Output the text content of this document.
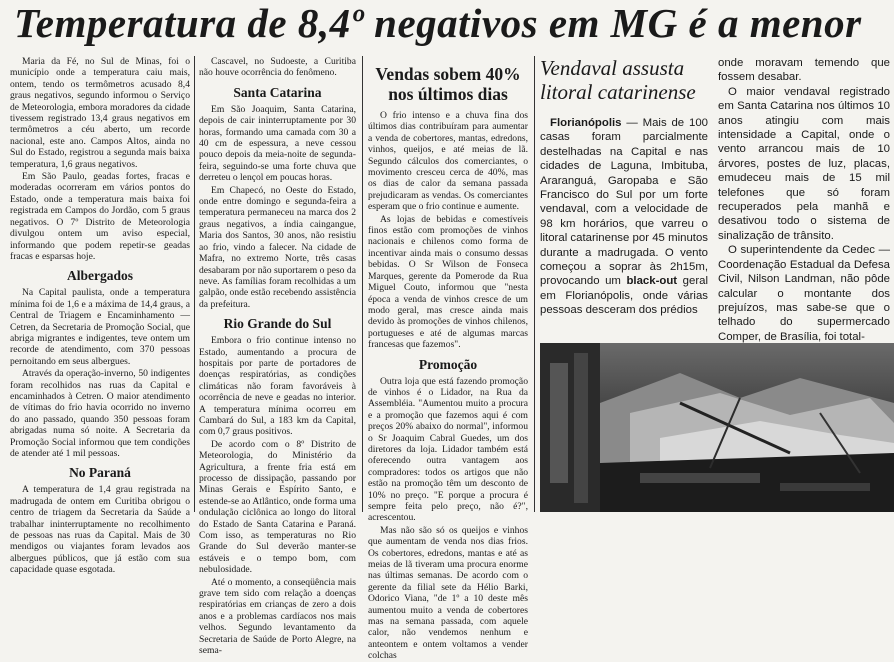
Temperatura de 8,4º negativos em MG é a menor

Maria da Fé, no Sul de Minas, foi o município onde a temperatura caiu mais, ontem, tendo os termômetros acusado 8,4 graus negativos, segundo informou o Serviço de Meteorologia, embora moradores da cidade tivessem registrado 13,4 graus negativos em termômetros a céu aberto, um recorde nacional, este ano. Campos Altos, ainda no Sul do Estado, registrou a segunda mais baixa temperatura, 1,6 graus negativos.

Em São Paulo, geadas fortes, fracas e moderadas ocorreram em vários pontos do Estado, onde a temperatura mais baixa foi registrada em Campos do Jordão, com 5 graus negativos. O 7º Distrito de Meteorologia divulgou ontem um aviso especial, informando que podem repetir-se geadas fracas e esparsas hoje.

Albergados

Na Capital paulista, onde a temperatura mínima foi de 1,6 e a máxima de 14,4 graus, a Central de Triagem e Encaminhamento — Cetren, da Secretaria de Promoção Social, que abriga migrantes e indigentes, teve ontem um recorde de atendimento, com 370 pessoas pernoitando em seus albergues.

Através da operação-inverno, 50 indigentes foram recolhidos nas ruas da Capital e encaminhados à Cetren. O maior atendimento de vítimas do frio havia ocorrido no inverno do ano passado, quando 350 pessoas foram abrigadas numa só noite. A Secretaria da Promoção Social informou que tem condições de atender até 1 mil pessoas.

No Paraná

A temperatura de 1,4 grau registrada na madrugada de ontem em Curitiba obrigou o centro de triagem da Secretaria da Saúde a trabalhar ininterruptamente no recolhimento de pessoas nas ruas da Capital. Mais de 30 mendigos ou viajantes foram levados aos albergues públicos, que já estão com sua capacidade quase esgotada.

Cascavel, no Sudoeste, a Curitiba não houve ocorrência do fenômeno.

Santa Catarina

Em São Joaquim, Santa Catarina, depois de cair ininterruptamente por 30 horas, formando uma camada com 30 a 40 cm de espessura, a neve cessou pouco depois da meia-noite de segunda-feira, seguindo-se uma forte chuva que derreteu o lençol em poucas horas.

Em Chapecó, no Oeste do Estado, onde entre domingo e segunda-feira a temperatura permaneceu na marca dos 2 graus negativos, a índia caingangue, Maria dos Santos, 30 anos, não resistiu ao frio, vindo a falecer. Na cidade de Mafra, no extremo Norte, três casas desabaram por não suportarem o peso da neve. As famílias foram recolhidas a um galpão, onde estão recebendo assistência da prefeitura.

Rio Grande do Sul

Embora o frio continue intenso no Estado, aumentando a procura de hospitais por parte de portadores de doenças respiratórias, as condições climáticas não foram favoráveis à ocorrência de neve e geadas no interior. A temperatura mínima ocorreu em Cambará do Sul, a 183 km da Capital, com 0,7 graus positivos.

De acordo com o 8º Distrito de Meteorologia, do Ministério da Agricultura, a frente fria está em processo de dissipação, passando por Minas Gerais e Espírito Santo, e estende-se ao Atlântico, onde forma uma ondulação ciclônica ao longo do litoral do Estado de Santa Catarina e Paraná. Com isso, as temperaturas no Rio Grande do Sul deverão manter-se estáveis e o tempo bom, com nebulosidade.

Até o momento, a conseqüência mais grave tem sido com relação a doenças respiratórias em crianças de zero a dois anos e a problemas cardíacos nos mais velhos. Segundo levantamento da Secretaria de Saúde de Porto Alegre, na sema-

Vendas sobem 40% nos últimos dias

O frio intenso e a chuva fina dos últimos dias contribuíram para aumentar a venda de cobertores, mantas, edredons, vinhos, queijos, e até meias de lã. Segundo cálculos dos comerciantes, o movimento cresceu cerca de 40%, mas os dias de calor da semana passada prejudicaram as vendas. Os comerciantes esperam que o frio continue e aumente.

As lojas de bebidas e comestíveis finos estão com promoções de vinhos nacionais e chilenos como forma de incentivar ainda mais o consumo dessas bebidas. O Sr Wilson de Fonseca Marques, gerente da Pomerode da Rua Miguel Couto, informou que "nesta época a venda de vinhos cresce de um modo geral, mas cresce ainda mais devido às promoções de vinhos chilenos, portugueses e até de algumas marcas francesas que fazemos".

Promoção

Outra loja que está fazendo promoção de vinhos é o Lidador, na Rua da Assembléia. "Aumentou muito a procura e a promoção que fazemos aqui é com preços 20% abaixo do normal", informou o Sr Joaquim Cabral Guedes, um dos diretores da loja. Lidador também está oferecendo outra vantagem aos compradores: todos os artigos que não estão na promoção têm um desconto de 10% no preço. "E porque a procura é sempre feita pelo preço, não é?", acrescentou.

Mas não são só os queijos e vinhos que aumentam de venda nos dias frios. Os cobertores, edredons, mantas e até as meias de lã tiveram uma procura enorme nas últimas semanas. De acordo com o gerente da filial sete da Hélio Barki, Odorico Viana, "de 1º a 10 deste mês aumentou muito a venda de cobertores mas na semana passada, com aquele calor, não vendemos nenhum e anteontem e ontem voltamos a vender colchas

Vendaval assusta litoral catarinense

Florianópolis — Mais de 100 casas foram parcialmente destelhadas na Capital e nas cidades de Laguna, Imbituba, Araranguá, Garopaba e São Francisco do Sul por um forte vendaval, com a velocidade de 98 km horários, que varreu o litoral catarinense por 45 minutos durante a madrugada. O vento começou a soprar às 2h15m, provocando um black-out geral em Florianópolis, onde várias pessoas desceram dos prédios

onde moravam temendo que fossem desabar.

O maior vendaval registrado em Santa Catarina nos últimos 10 anos atingiu com mais intensidade a Capital, onde o vento arrancou mais de 10 árvores, postes de luz, placas, emudeceu mais de 15 mil telefones que só foram recuperados pela manhã e desativou todo o sistema de sinalização de trânsito.

O superintendente da Cedec — Coordenação Estadual da Defesa Civil, Nilson Landman, não pôde calcular o montante dos prejuízos, mas sabe-se que o telhado do supermercado Comper, de Brasília, foi total-
